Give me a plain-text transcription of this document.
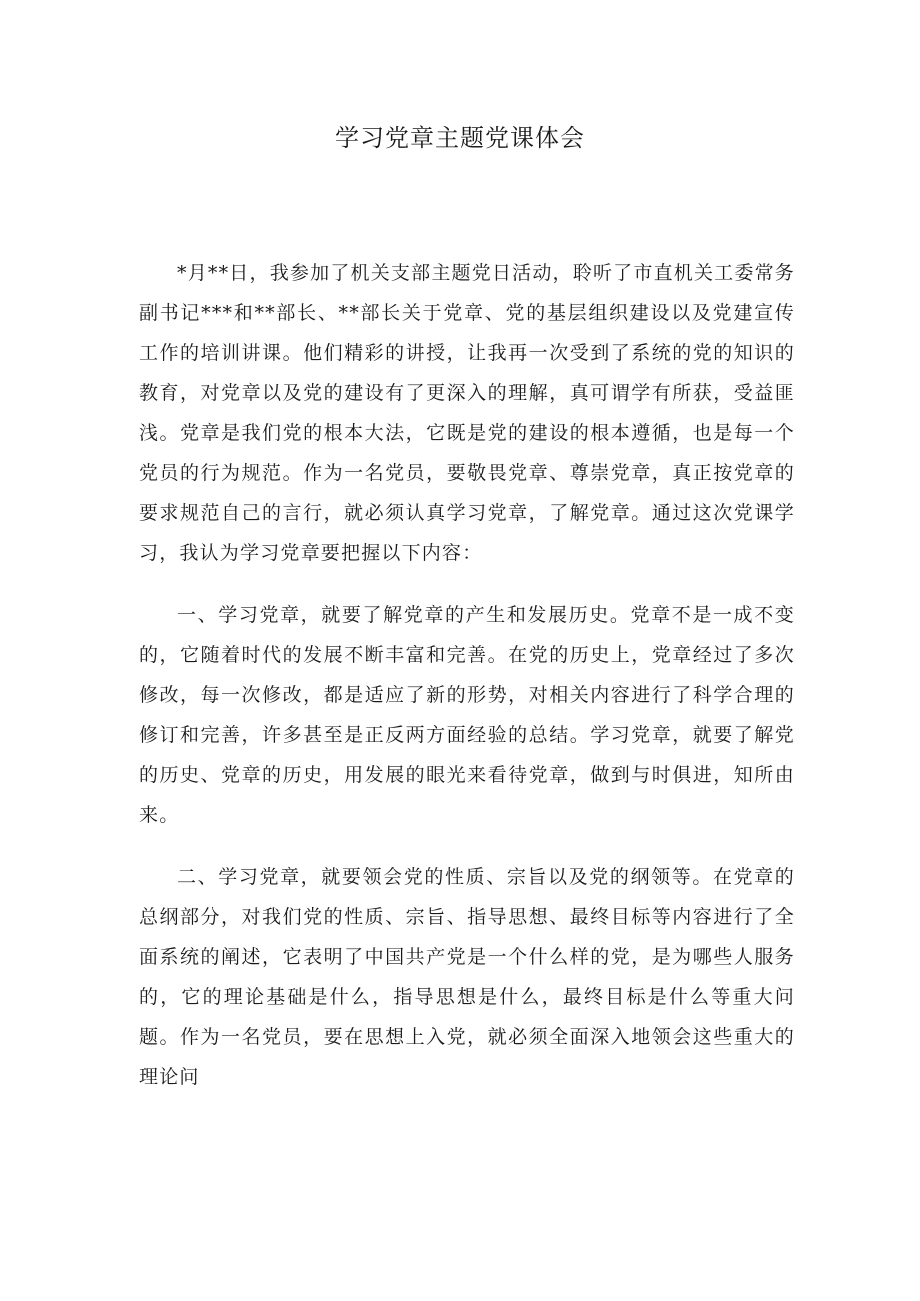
学习党章主题党课体会

*月**日，我参加了机关支部主题党日活动，聆听了市直机关工委常务副书记***和**部长、**部长关于党章、党的基层组织建设以及党建宣传工作的培训讲课。他们精彩的讲授，让我再一次受到了系统的党的知识的教育，对党章以及党的建设有了更深入的理解，真可谓学有所获，受益匪浅。党章是我们党的根本大法，它既是党的建设的根本遵循，也是每一个党员的行为规范。作为一名党员，要敬畏党章、尊崇党章，真正按党章的要求规范自己的言行，就必须认真学习党章，了解党章。通过这次党课学习，我认为学习党章要把握以下内容：

一、学习党章，就要了解党章的产生和发展历史。党章不是一成不变的，它随着时代的发展不断丰富和完善。在党的历史上，党章经过了多次修改，每一次修改，都是适应了新的形势，对相关内容进行了科学合理的修订和完善，许多甚至是正反两方面经验的总结。学习党章，就要了解党的历史、党章的历史，用发展的眼光来看待党章，做到与时俱进，知所由来。

二、学习党章，就要领会党的性质、宗旨以及党的纲领等。在党章的总纲部分，对我们党的性质、宗旨、指导思想、最终目标等内容进行了全面系统的阐述，它表明了中国共产党是一个什么样的党，是为哪些人服务的，它的理论基础是什么，指导思想是什么，最终目标是什么等重大问题。作为一名党员，要在思想上入党，就必须全面深入地领会这些重大的理论问
